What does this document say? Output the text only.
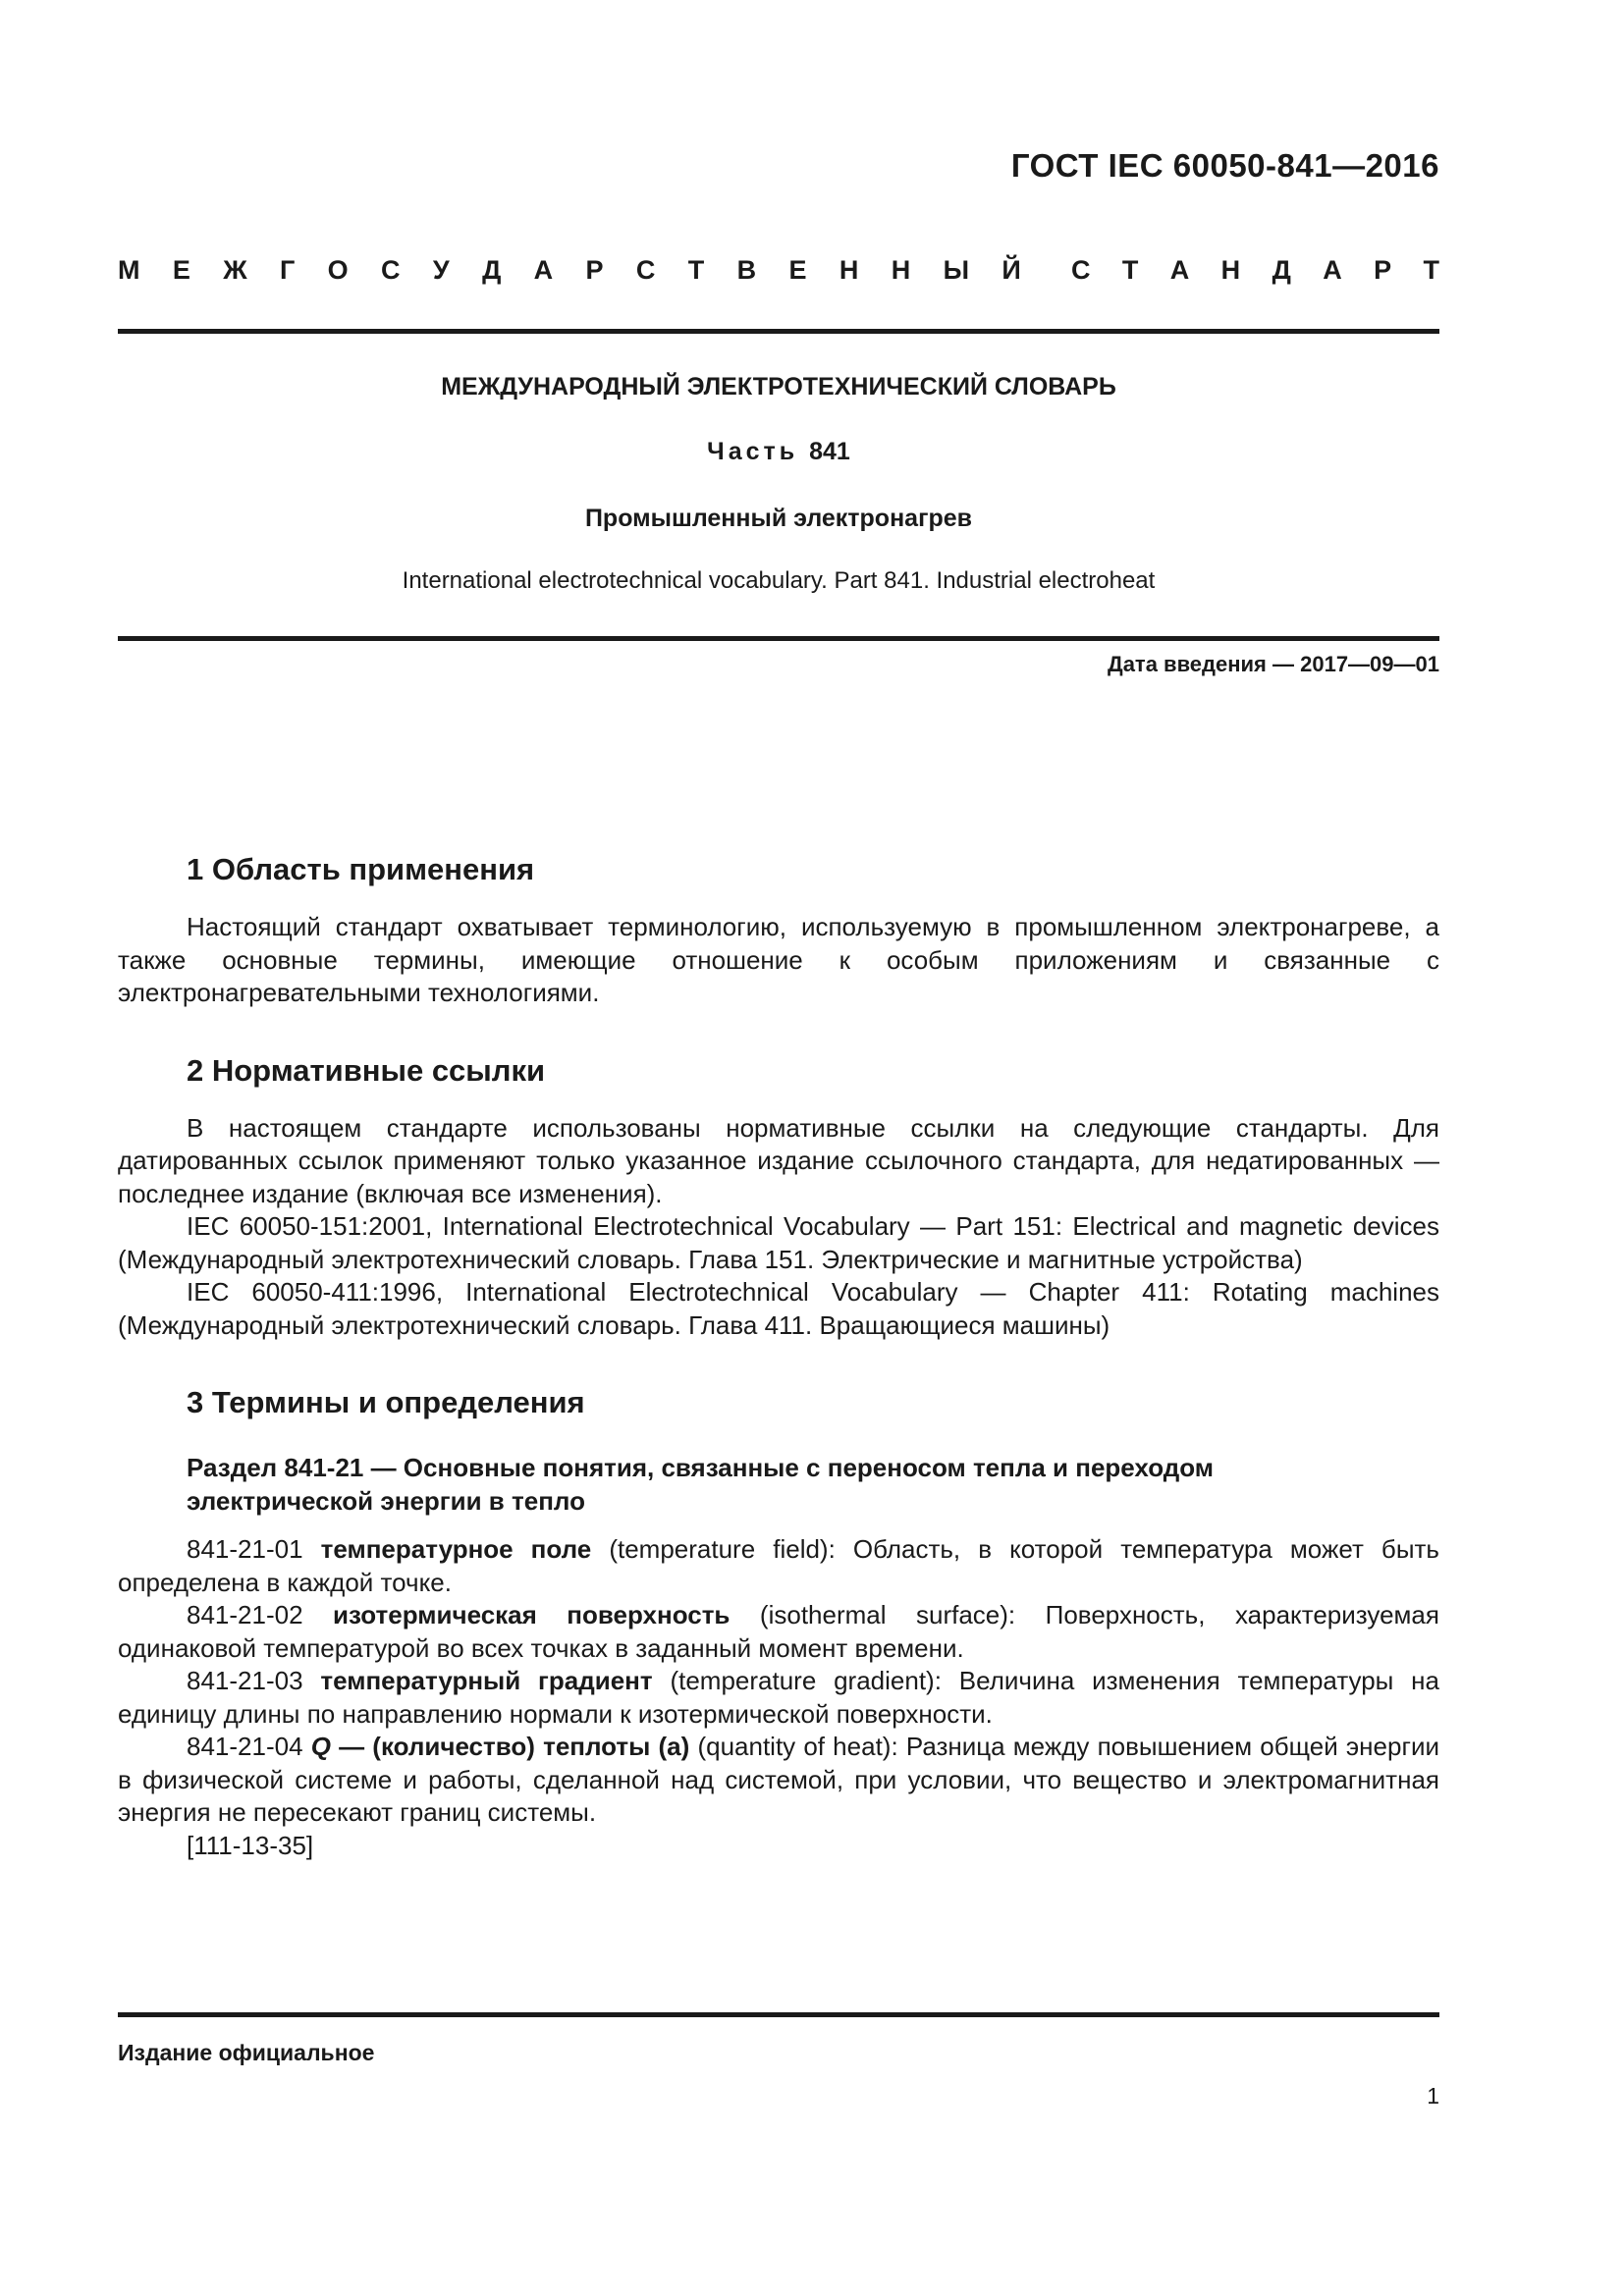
ГОСТ IEC 60050-841—2016
М Е Ж Г О С У Д А Р С Т В Е Н Н Ы Й С Т А Н Д А Р Т
МЕЖДУНАРОДНЫЙ ЭЛЕКТРОТЕХНИЧЕСКИЙ СЛОВАРЬ
Часть 841
Промышленный электронагрев
International electrotechnical vocabulary. Part 841. Industrial electroheat
Дата введения — 2017—09—01
1 Область применения

Настоящий стандарт охватывает терминологию, используемую в промышленном электронагреве, а также основные термины, имеющие отношение к особым приложениям и связанные с электронагревательными технологиями.

2 Нормативные ссылки

В настоящем стандарте использованы нормативные ссылки на следующие стандарты. Для датированных ссылок применяют только указанное издание ссылочного стандарта, для недатированных — последнее издание (включая все изменения).

IEC 60050-151:2001, International Electrotechnical Vocabulary — Part 151: Electrical and magnetic devices (Международный электротехнический словарь. Глава 151. Электрические и магнитные устройства)

IEC 60050-411:1996, International Electrotechnical Vocabulary — Chapter 411: Rotating machines (Международный электротехнический словарь. Глава 411. Вращающиеся машины)

3 Термины и определения
Раздел 841-21 — Основные понятия, связанные с переносом тепла и переходом
электрической энергии в тепло

841-21-01 температурное поле (temperature field): Область, в которой температура может быть определена в каждой точке.

841-21-02 изотермическая поверхность (isothermal surface): Поверхность, характеризуемая одинаковой температурой во всех точках в заданный момент времени.

841-21-03 температурный градиент (temperature gradient): Величина изменения температуры на единицу длины по направлению нормали к изотермической поверхности.

841-21-04 Q — (количество) теплоты (a) (quantity of heat): Разница между повышением общей энергии в физической системе и работы, сделанной над системой, при условии, что вещество и электромагнитная энергия не пересекают границ системы.

[111-13-35]

Издание официальное
1
